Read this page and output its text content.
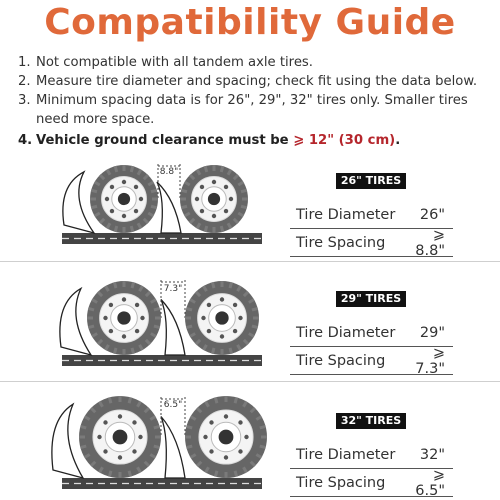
Compatibility Guide
1. Not compatible with all tandem axle tires.
2. Measure tire diameter and spacing; check fit using the data below.
3. Minimum spacing data is for 26", 29", 32" tires only. Smaller tires need more space.
4. Vehicle ground clearance must be ⩾ 12" (30 cm).
8.8"
26" TIRES
Tire Diameter	26"
Tire Spacing	⩾ 8.8"
7.3"
29" TIRES
Tire Diameter	29"
Tire Spacing	⩾ 7.3"
6.5"
32" TIRES
Tire Diameter	32"
Tire Spacing	⩾ 6.5"
